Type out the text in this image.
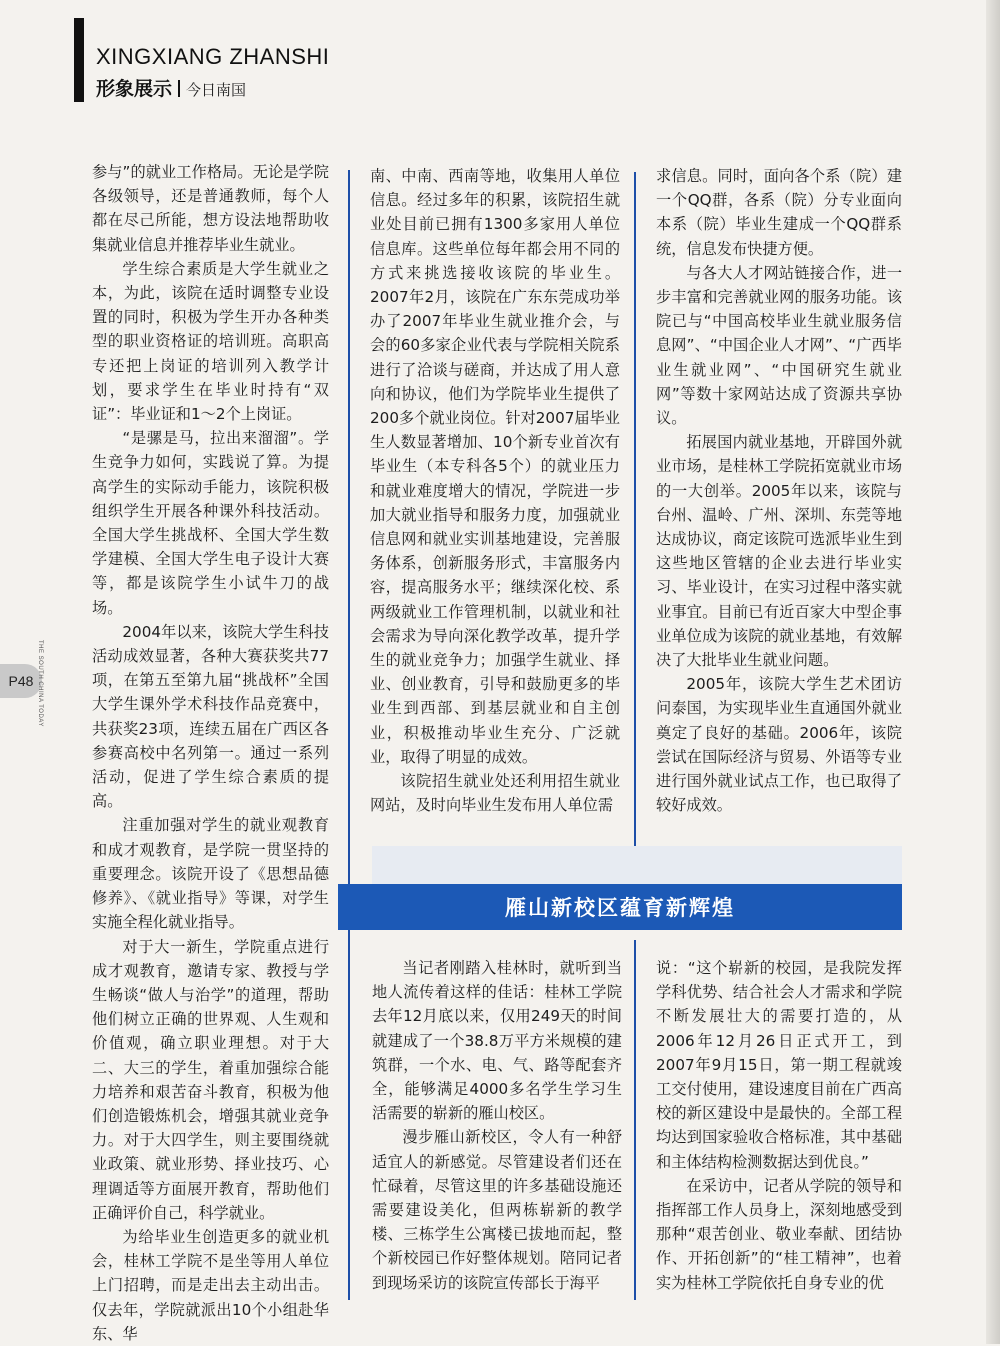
XINGXIANG ZHANSHI
形象展示 今日南国
P48 THE SOUTH CHINA TODAY

参与”的就业工作格局。无论是学院各级领导，还是普通教师，每个人都在尽己所能，想方设法地帮助收集就业信息并推荐毕业生就业。

学生综合素质是大学生就业之本，为此，该院在适时调整专业设置的同时，积极为学生开办各种类型的职业资格证的培训班。高职高专还把上岗证的培训列入教学计划，要求学生在毕业时持有“双证”：毕业证和1～2个上岗证。

“是骡是马，拉出来溜溜”。学生竞争力如何，实践说了算。为提高学生的实际动手能力，该院积极组织学生开展各种课外科技活动。全国大学生挑战杯、全国大学生数学建模、全国大学生电子设计大赛等，都是该院学生小试牛刀的战场。

2004年以来，该院大学生科技活动成效显著，各种大赛获奖共77项，在第五至第九届“挑战杯”全国大学生课外学术科技作品竞赛中，共获奖23项，连续五届在广西区各参赛高校中名列第一。通过一系列活动，促进了学生综合素质的提高。

注重加强对学生的就业观教育和成才观教育，是学院一贯坚持的重要理念。该院开设了《思想品德修养》、《就业指导》等课，对学生实施全程化就业指导。

对于大一新生，学院重点进行成才观教育，邀请专家、教授与学生畅谈“做人与治学”的道理，帮助他们树立正确的世界观、人生观和价值观，确立职业理想。对于大二、大三的学生，着重加强综合能力培养和艰苦奋斗教育，积极为他们创造锻炼机会，增强其就业竞争力。对于大四学生，则主要围绕就业政策、就业形势、择业技巧、心理调适等方面展开教育，帮助他们正确评价自己，科学就业。

为给毕业生创造更多的就业机会，桂林工学院不是坐等用人单位上门招聘，而是走出去主动出击。仅去年，学院就派出10个小组赴华东、华

南、中南、西南等地，收集用人单位信息。经过多年的积累，该院招生就业处目前已拥有1300多家用人单位信息库。这些单位每年都会用不同的方式来挑选接收该院的毕业生。2007年2月，该院在广东东莞成功举办了2007年毕业生就业推介会，与会的60多家企业代表与学院相关院系进行了洽谈与磋商，并达成了用人意向和协议，他们为学院毕业生提供了200多个就业岗位。针对2007届毕业生人数显著增加、10个新专业首次有毕业生（本专科各5个）的就业压力和就业难度增大的情况，学院进一步加大就业指导和服务力度，加强就业信息网和就业实训基地建设，完善服务体系，创新服务形式，丰富服务内容，提高服务水平；继续深化校、系两级就业工作管理机制，以就业和社会需求为导向深化教学改革，提升学生的就业竞争力；加强学生就业、择业、创业教育，引导和鼓励更多的毕业生到西部、到基层就业和自主创业，积极推动毕业生充分、广泛就业，取得了明显的成效。

该院招生就业处还利用招生就业网站，及时向毕业生发布用人单位需

求信息。同时，面向各个系（院）建一个QQ群，各系（院）分专业面向本系（院）毕业生建成一个QQ群系统，信息发布快捷方便。

与各大人才网站链接合作，进一步丰富和完善就业网的服务功能。该院已与“中国高校毕业生就业服务信息网”、“中国企业人才网”、“广西毕业生就业网”、“中国研究生就业网”等数十家网站达成了资源共享协议。

拓展国内就业基地，开辟国外就业市场，是桂林工学院拓宽就业市场的一大创举。2005年以来，该院与台州、温岭、广州、深圳、东莞等地达成协议，商定该院可选派毕业生到这些地区管辖的企业去进行毕业实习、毕业设计，在实习过程中落实就业事宜。目前已有近百家大中型企事业单位成为该院的就业基地，有效解决了大批毕业生就业问题。

2005年，该院大学生艺术团访问泰国，为实现毕业生直通国外就业奠定了良好的基础。2006年，该院尝试在国际经济与贸易、外语等专业进行国外就业试点工作，也已取得了较好成效。

雁山新校区蕴育新辉煌

当记者刚踏入桂林时，就听到当地人流传着这样的佳话：桂林工学院去年12月底以来，仅用249天的时间就建成了一个38.8万平方米规模的建筑群，一个水、电、气、路等配套齐全，能够满足4000多名学生学习生活需要的崭新的雁山校区。

漫步雁山新校区，令人有一种舒适宜人的新感觉。尽管建设者们还在忙碌着，尽管这里的许多基础设施还需要建设美化，但两栋崭新的教学楼、三栋学生公寓楼已拔地而起，整个新校园已作好整体规划。陪同记者到现场采访的该院宣传部长于海平

说：“这个崭新的校园，是我院发挥学科优势、结合社会人才需求和学院不断发展壮大的需要打造的，从2006年12月26日正式开工，到2007年9月15日，第一期工程就竣工交付使用，建设速度目前在广西高校的新区建设中是最快的。全部工程均达到国家验收合格标准，其中基础和主体结构检测数据达到优良。”

在采访中，记者从学院的领导和指挥部工作人员身上，深刻地感受到那种“艰苦创业、敬业奉献、团结协作、开拓创新”的“桂工精神”，也着实为桂林工学院依托自身专业的优
